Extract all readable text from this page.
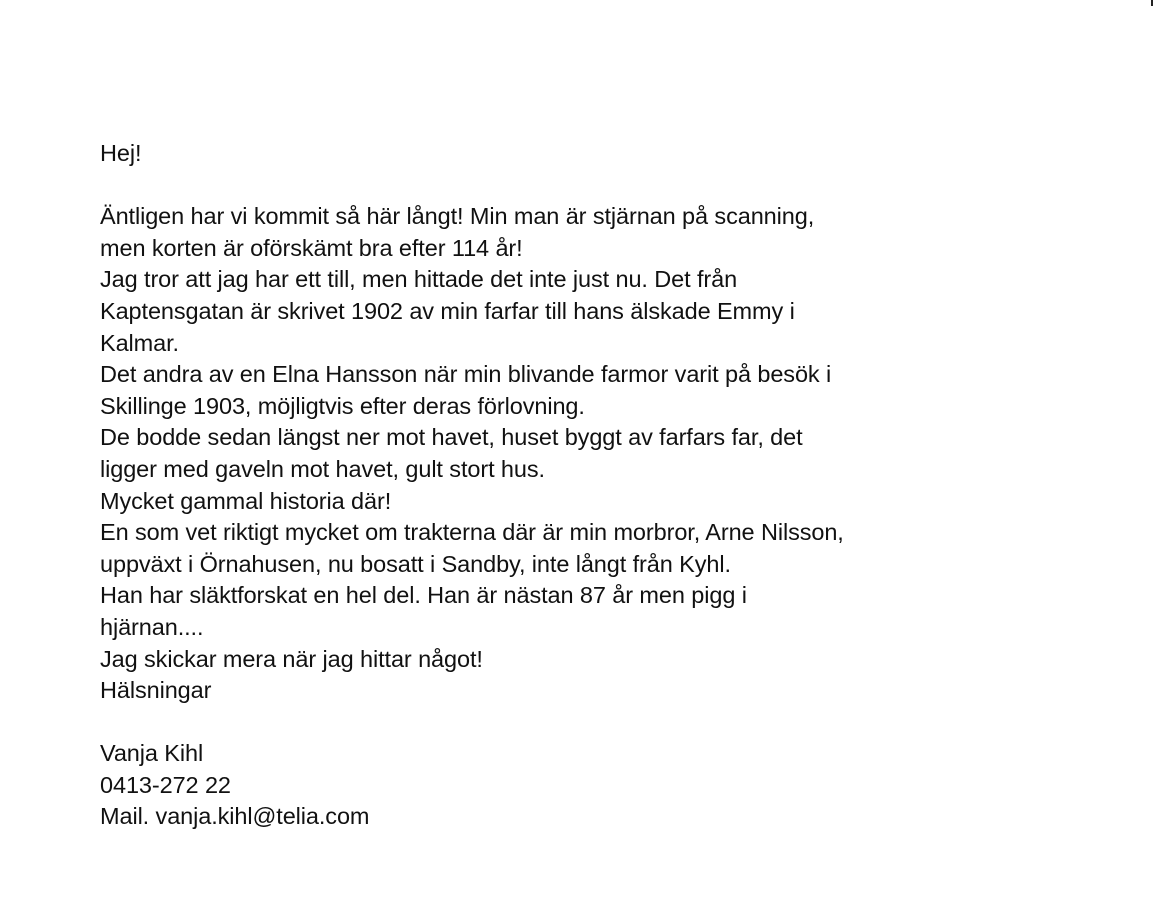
Hej!
Äntligen har vi kommit så här långt! Min man är stjärnan på scanning,
men korten är oförskämt bra efter 114 år!
Jag tror att jag har ett till, men hittade det inte just nu. Det från
Kaptensgatan är skrivet 1902 av min farfar till hans älskade Emmy i
Kalmar.
Det andra av en Elna Hansson när min blivande farmor varit på besök i
Skillinge 1903, möjligtvis efter deras förlovning.
De bodde sedan längst ner mot havet, huset byggt av farfars far, det
ligger med gaveln mot havet, gult stort hus.
Mycket gammal historia där!
En som vet riktigt mycket om trakterna där är min morbror, Arne Nilsson,
uppväxt i Örnahusen, nu bosatt i Sandby, inte långt från Kyhl.
Han har släktforskat en hel del. Han är nästan 87 år men pigg i
hjärnan....
Jag skickar mera när jag hittar något!
Hälsningar
Vanja Kihl
0413-272 22
Mail. vanja.kihl@telia.com
